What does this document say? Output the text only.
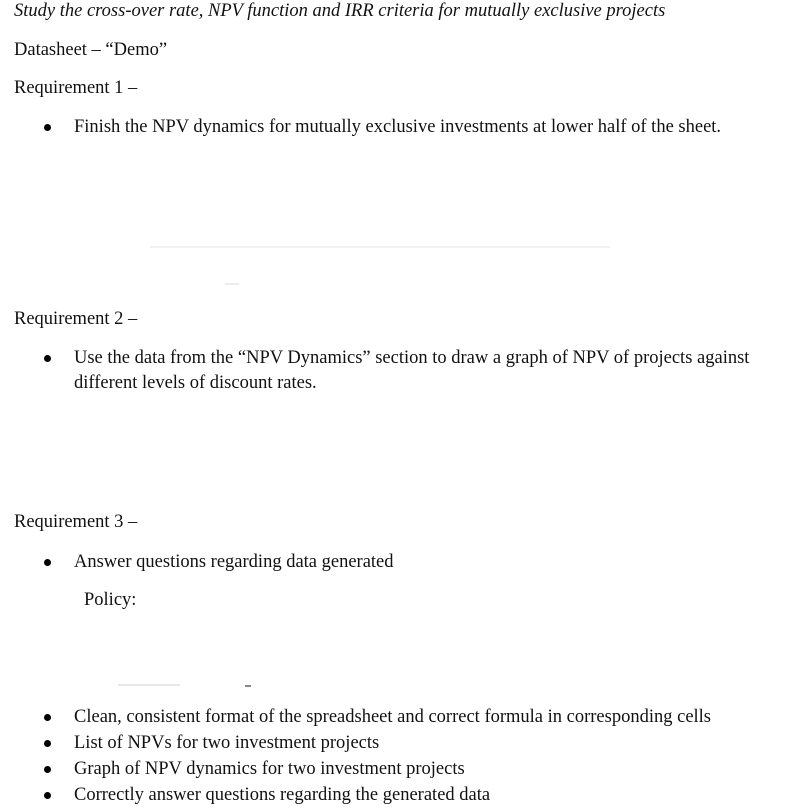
Study the cross-over rate, NPV function and IRR criteria for mutually exclusive projects
Datasheet – “Demo”
Requirement 1 –
Finish the NPV dynamics for mutually exclusive investments at lower half of the sheet.
Requirement 2 –
Use the data from the “NPV Dynamics” section to draw a graph of NPV of projects against
different levels of discount rates.
Requirement 3 –
Answer questions regarding data generated
Policy:
Clean, consistent format of the spreadsheet and correct formula in corresponding cells
List of NPVs for two investment projects
Graph of NPV dynamics for two investment projects
Correctly answer questions regarding the generated data
